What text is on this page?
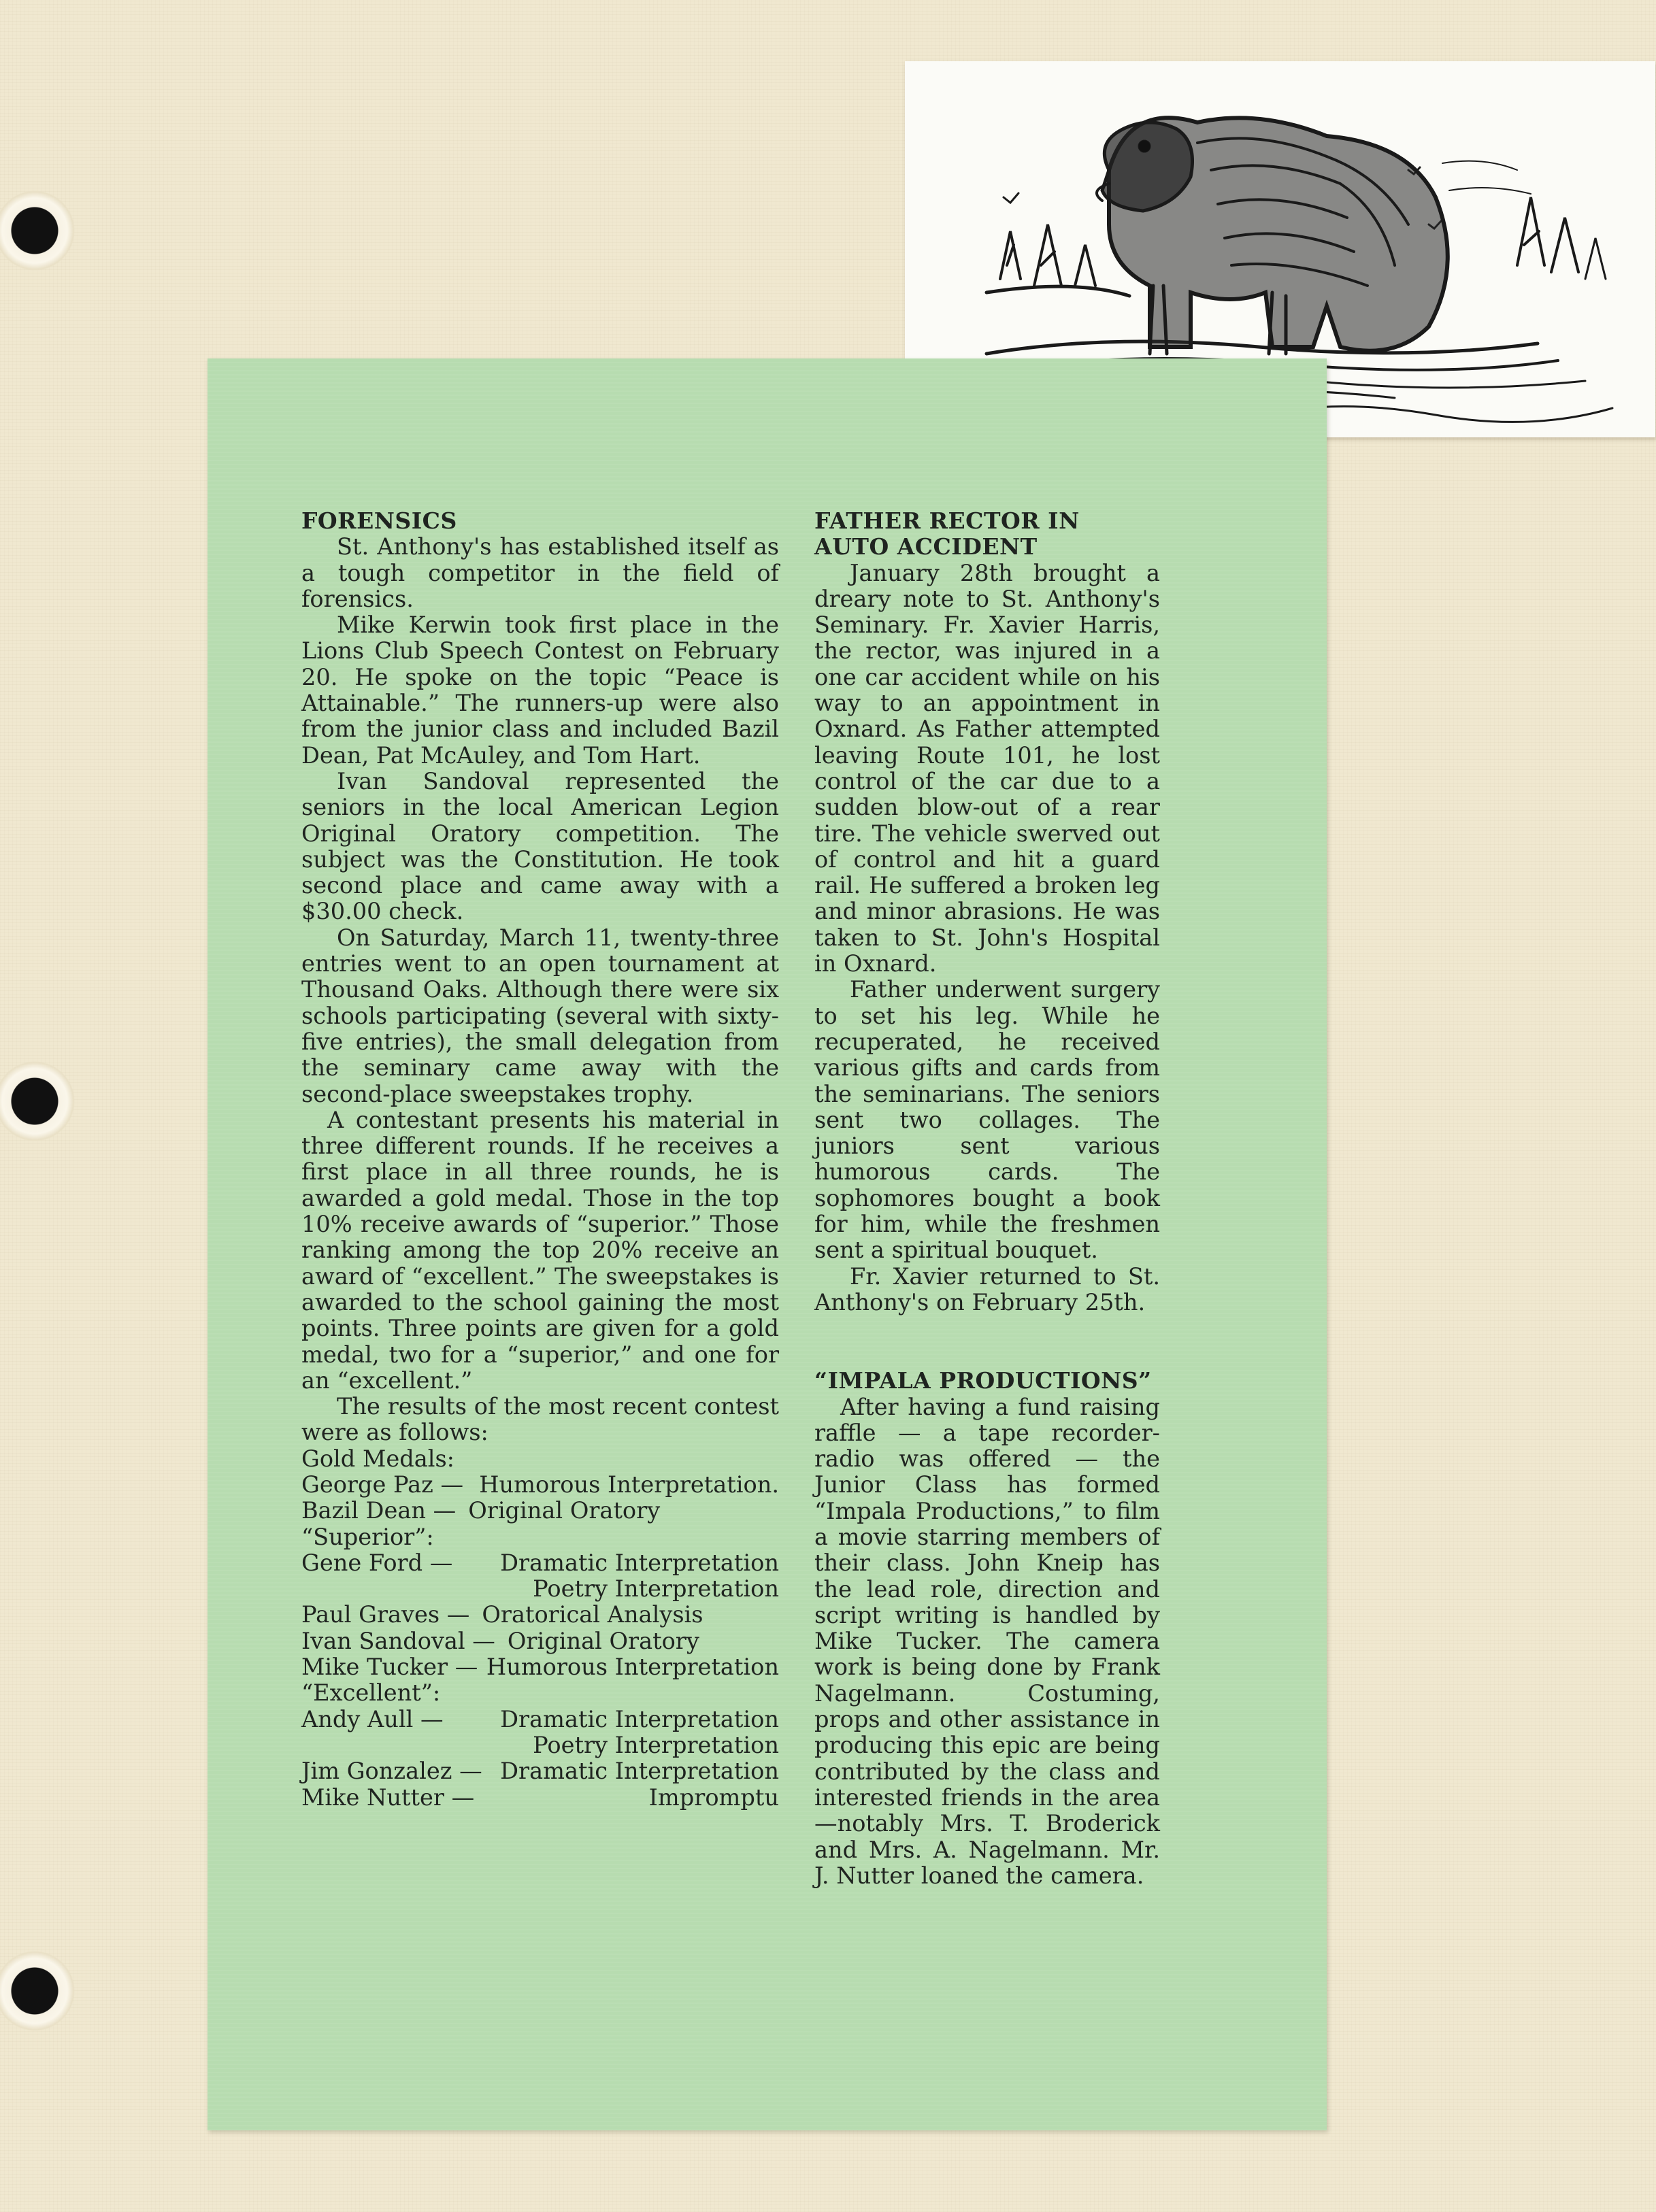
FORENSICS

St. Anthony's has established itself as a tough competitor in the field of forensics.

Mike Kerwin took first place in the Lions Club Speech Contest on February 20. He spoke on the topic “Peace is Attainable.” The runners-up were also from the junior class and included Bazil Dean, Pat McAuley, and Tom Hart.

Ivan Sandoval represented the seniors in the local American Legion Original Oratory competition. The subject was the Constitution. He took second place and came away with a $30.00 check.

On Saturday, March 11, twenty-three entries went to an open tournament at Thousand Oaks. Although there were six schools participating (several with sixty-five entries), the small delegation from the seminary came away with the second-place sweepstakes trophy.

A contestant presents his material in three different rounds. If he receives a first place in all three rounds, he is awarded a gold medal. Those in the top 10% receive awards of “superior.” Those ranking among the top 20% receive an award of “excellent.” The sweepstakes is awarded to the school gaining the most points. Three points are given for a gold medal, two for a “superior,” and one for an “excellent.”

The results of the most recent contest were as follows:

Gold Medals:
George Paz — Humorous Interpretation.
Bazil Dean — Original Oratory
“Superior”:
Gene Ford — Dramatic Interpretation
Poetry Interpretation
Paul Graves — Oratorical Analysis
Ivan Sandoval — Original Oratory
Mike Tucker — Humorous Interpretation
“Excellent”:
Andy Aull — Dramatic Interpretation
Poetry Interpretation
Jim Gonzalez — Dramatic Interpretation
Mike Nutter —	Impromptu
FATHER RECTOR IN
AUTO ACCIDENT

January 28th brought a dreary note to St. Anthony's Seminary. Fr. Xavier Harris, the rector, was injured in a one car accident while on his way to an appointment in Oxnard. As Father attempted leaving Route 101, he lost control of the car due to a sudden blow-out of a rear tire. The vehicle swerved out of control and hit a guard rail. He suffered a broken leg and minor abrasions. He was taken to St. John's Hospital in Oxnard.

Father underwent surgery to set his leg. While he recuperated, he received various gifts and cards from the seminarians. The seniors sent two collages. The juniors sent various humorous cards. The sophomores bought a book for him, while the freshmen sent a spiritual bouquet.

Fr. Xavier returned to St. Anthony's on February 25th.

“IMPALA PRODUCTIONS”

After having a fund raising raffle — a tape recorder-radio was offered — the Junior Class has formed “Impala Productions,” to film a movie starring members of their class. John Kneip has the lead role, direction and script writing is handled by Mike Tucker. The camera work is being done by Frank Nagelmann. Costuming, props and other assistance in producing this epic are being contributed by the class and interested friends in the area—notably Mrs. T. Broderick and Mrs. A. Nagelmann. Mr. J. Nutter loaned the camera.
